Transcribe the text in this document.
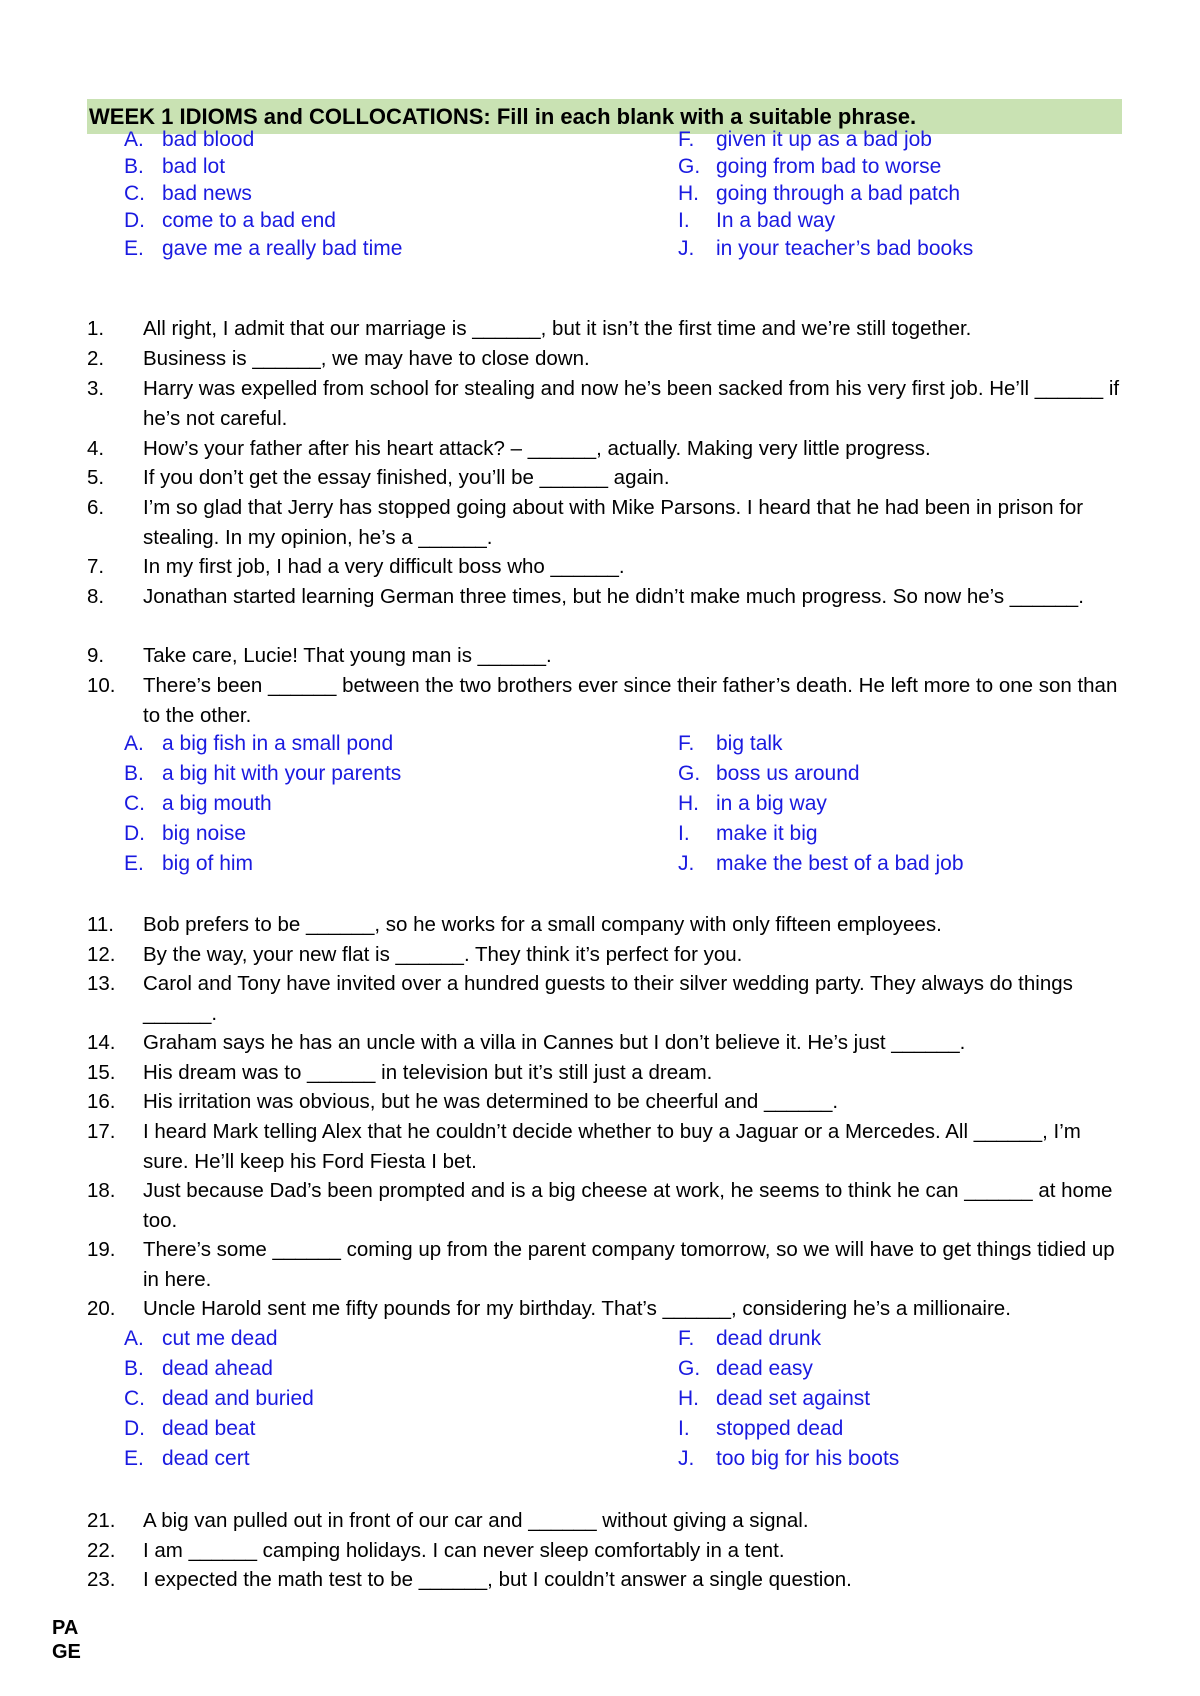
WEEK 1 IDIOMS and COLLOCATIONS: Fill in each blank with a suitable phrase.
A. bad blood
B. bad lot
C. bad news
D. come to a bad end
E. gave me a really bad time
F. given it up as a bad job
G. going from bad to worse
H. going through a bad patch
I. In a bad way
J. in your teacher’s bad books
1.	All right, I admit that our marriage is ______, but it isn’t the first time and we’re still together.
2.	Business is ______, we may have to close down.
3.	Harry was expelled from school for stealing and now he’s been sacked from his very first job. He’ll ______ if he’s not careful.
4.	How’s your father after his heart attack? – ______, actually. Making very little progress.
5.	If you don’t get the essay finished, you’ll be ______ again.
6.	I’m so glad that Jerry has stopped going about with Mike Parsons. I heard that he had been in prison for stealing. In my opinion, he’s a ______.
7.	In my first job, I had a very difficult boss who ______.
8.	Jonathan started learning German three times, but he didn’t make much progress. So now he’s ______.
9.	Take care, Lucie! That young man is ______.
10.	There’s been ______ between the two brothers ever since their father’s death. He left more to one son than to the other.
A. a big fish in a small pond
B. a big hit with your parents
C. a big mouth
D. big noise
E. big of him
F. big talk
G. boss us around
H. in a big way
I. make it big
J. make the best of a bad job
11.	Bob prefers to be ______, so he works for a small company with only fifteen employees.
12.	By the way, your new flat is ______. They think it’s perfect for you.
13.	Carol and Tony have invited over a hundred guests to their silver wedding party. They always do things ______.
14.	Graham says he has an uncle with a villa in Cannes but I don’t believe it. He’s just ______.
15.	His dream was to ______ in television but it’s still just a dream.
16.	His irritation was obvious, but he was determined to be cheerful and ______.
17.	I heard Mark telling Alex that he couldn’t decide whether to buy a Jaguar or a Mercedes. All ______, I’m sure. He’ll keep his Ford Fiesta I bet.
18.	Just because Dad’s been prompted and is a big cheese at work, he seems to think he can ______ at home too.
19.	There’s some ______ coming up from the parent company tomorrow, so we will have to get things tidied up in here.
20.	Uncle Harold sent me fifty pounds for my birthday. That’s ______, considering he’s a millionaire.
A. cut me dead
B. dead ahead
C. dead and buried
D. dead beat
E. dead cert
F. dead drunk
G. dead easy
H. dead set against
I. stopped dead
J. too big for his boots
21.	A big van pulled out in front of our car and ______ without giving a signal.
22.	I am ______ camping holidays. I can never sleep comfortably in a tent.
23.	I expected the math test to be ______, but I couldn’t answer a single question.
PA
GE
